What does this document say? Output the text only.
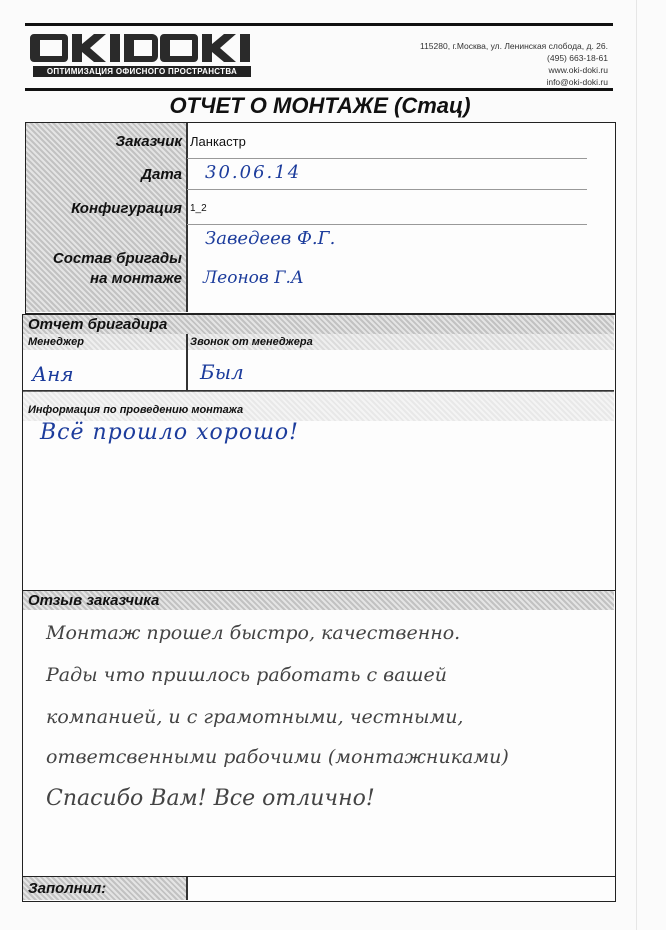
ОПТИМИЗАЦИЯ ОФИСНОГО ПРОСТРАНСТВА
115280, г.Москва, ул. Ленинская слобода, д. 26.
(495) 663-18-61
www.oki-doki.ru
info@oki-doki.ru
ОТЧЕТ О МОНТАЖЕ (Стац)
Заказчик Ланкастр
Дата 30.06.14
Конфигурация 1_2
Состав бригады
на монтаже
Заведеев Ф.Г.
Леонов Г.А
Отчет бригадира
Менеджер	Звонок от менеджера
Аня	Был
Информация по проведению монтажа
Всё прошло хорошо!
Отзыв заказчика
Монтаж прошел быстро, качественно.
Рады что пришлось работать с вашей
компанией, и с грамотными, честными,
ответсвенными рабочими (монтажниками)
Спасибо Вам! Все отлично!
Заполнил:
